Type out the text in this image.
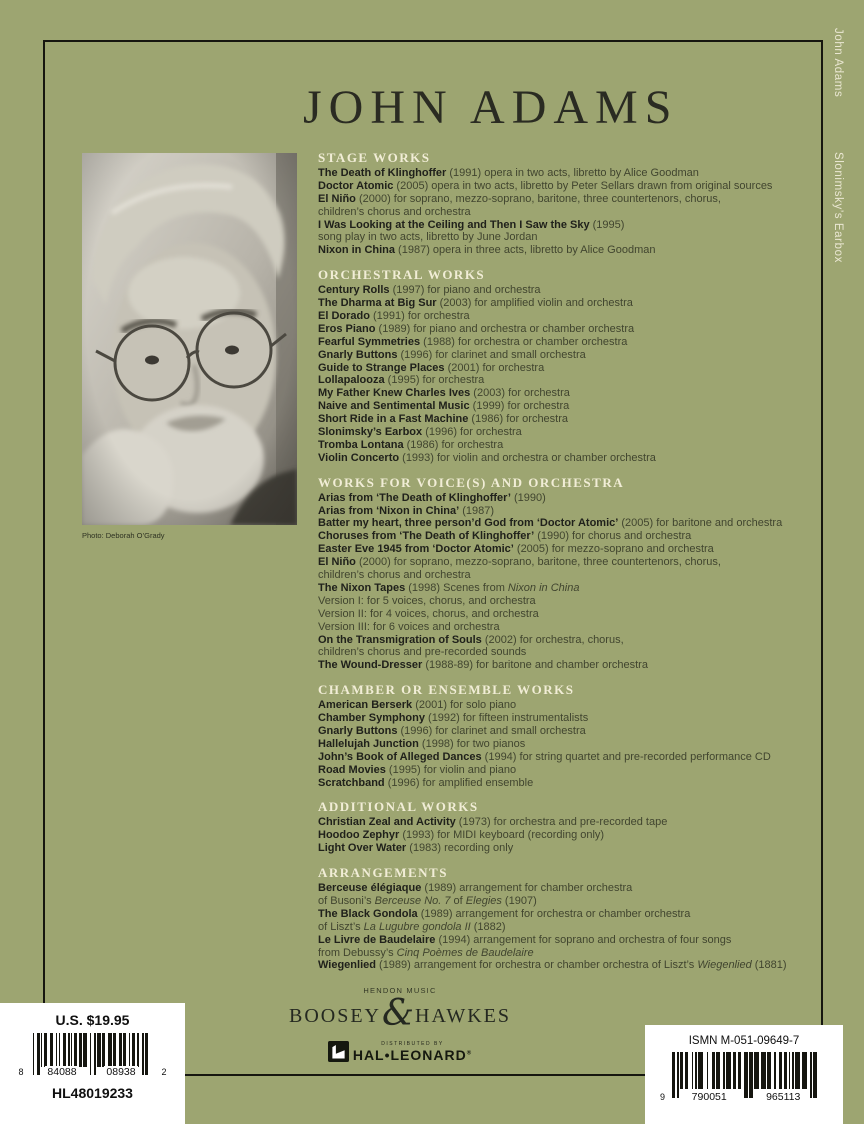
John Adams
Slonimsky’s Earbox
JOHN ADAMS
Photo: Deborah O’Grady
STAGE WORKS
The Death of Klinghoffer (1991) opera in two acts, libretto by Alice Goodman
Doctor Atomic (2005) opera in two acts, libretto by Peter Sellars drawn from original sources
El Niño (2000) for soprano, mezzo-soprano, baritone, three countertenors, chorus,
children’s chorus and orchestra
I Was Looking at the Ceiling and Then I Saw the Sky (1995)
song play in two acts, libretto by June Jordan
Nixon in China (1987) opera in three acts, libretto by Alice Goodman
ORCHESTRAL WORKS
Century Rolls (1997) for piano and orchestra
The Dharma at Big Sur (2003) for amplified violin and orchestra
El Dorado (1991) for orchestra
Eros Piano (1989) for piano and orchestra or chamber orchestra
Fearful Symmetries (1988) for orchestra or chamber orchestra
Gnarly Buttons (1996) for clarinet and small orchestra
Guide to Strange Places (2001) for orchestra
Lollapalooza (1995) for orchestra
My Father Knew Charles Ives (2003) for orchestra
Naive and Sentimental Music (1999) for orchestra
Short Ride in a Fast Machine (1986) for orchestra
Slonimsky’s Earbox (1996) for orchestra
Tromba Lontana (1986) for orchestra
Violin Concerto (1993) for violin and orchestra or chamber orchestra
WORKS FOR VOICE(S) AND ORCHESTRA
Arias from ‘The Death of Klinghoffer’ (1990)
Arias from ‘Nixon in China’ (1987)
Batter my heart, three person’d God from ‘Doctor Atomic’ (2005) for baritone and orchestra
Choruses from ‘The Death of Klinghoffer’ (1990) for chorus and orchestra
Easter Eve 1945 from ‘Doctor Atomic’ (2005) for mezzo-soprano and orchestra
El Niño (2000) for soprano, mezzo-soprano, baritone, three countertenors, chorus,
children’s chorus and orchestra
The Nixon Tapes (1998) Scenes from Nixon in China
Version I: for 5 voices, chorus, and orchestra
Version II: for 4 voices, chorus, and orchestra
Version III: for 6 voices and orchestra
On the Transmigration of Souls (2002) for orchestra, chorus,
children’s chorus and pre-recorded sounds
The Wound-Dresser (1988-89) for baritone and chamber orchestra
CHAMBER OR ENSEMBLE WORKS
American Berserk (2001) for solo piano
Chamber Symphony (1992) for fifteen instrumentalists
Gnarly Buttons (1996) for clarinet and small orchestra
Hallelujah Junction (1998) for two pianos
John’s Book of Alleged Dances (1994) for string quartet and pre-recorded performance CD
Road Movies (1995) for violin and piano
Scratchband (1996) for amplified ensemble
ADDITIONAL WORKS
Christian Zeal and Activity (1973) for orchestra and pre-recorded tape
Hoodoo Zephyr (1993) for MIDI keyboard (recording only)
Light Over Water (1983) recording only
ARRANGEMENTS
Berceuse élégiaque (1989) arrangement for chamber orchestra
of Busoni’s Berceuse No. 7 of Elegies (1907)
The Black Gondola (1989) arrangement for orchestra or chamber orchestra
of Liszt’s La Lugubre gondola II (1882)
Le Livre de Baudelaire (1994) arrangement for soprano and orchestra of four songs
from Debussy’s Cinq Poèmes de Baudelaire
Wiegenlied (1989) arrangement for orchestra or chamber orchestra of Liszt’s Wiegenlied (1881)
HENDON MUSIC
BOOSEY & HAWKES
DISTRIBUTED BY
HAL•LEONARD®
U.S. $19.95
8	2
84088	08938
HL48019233
ISMN M-051-09649-7
9	790051	965113
